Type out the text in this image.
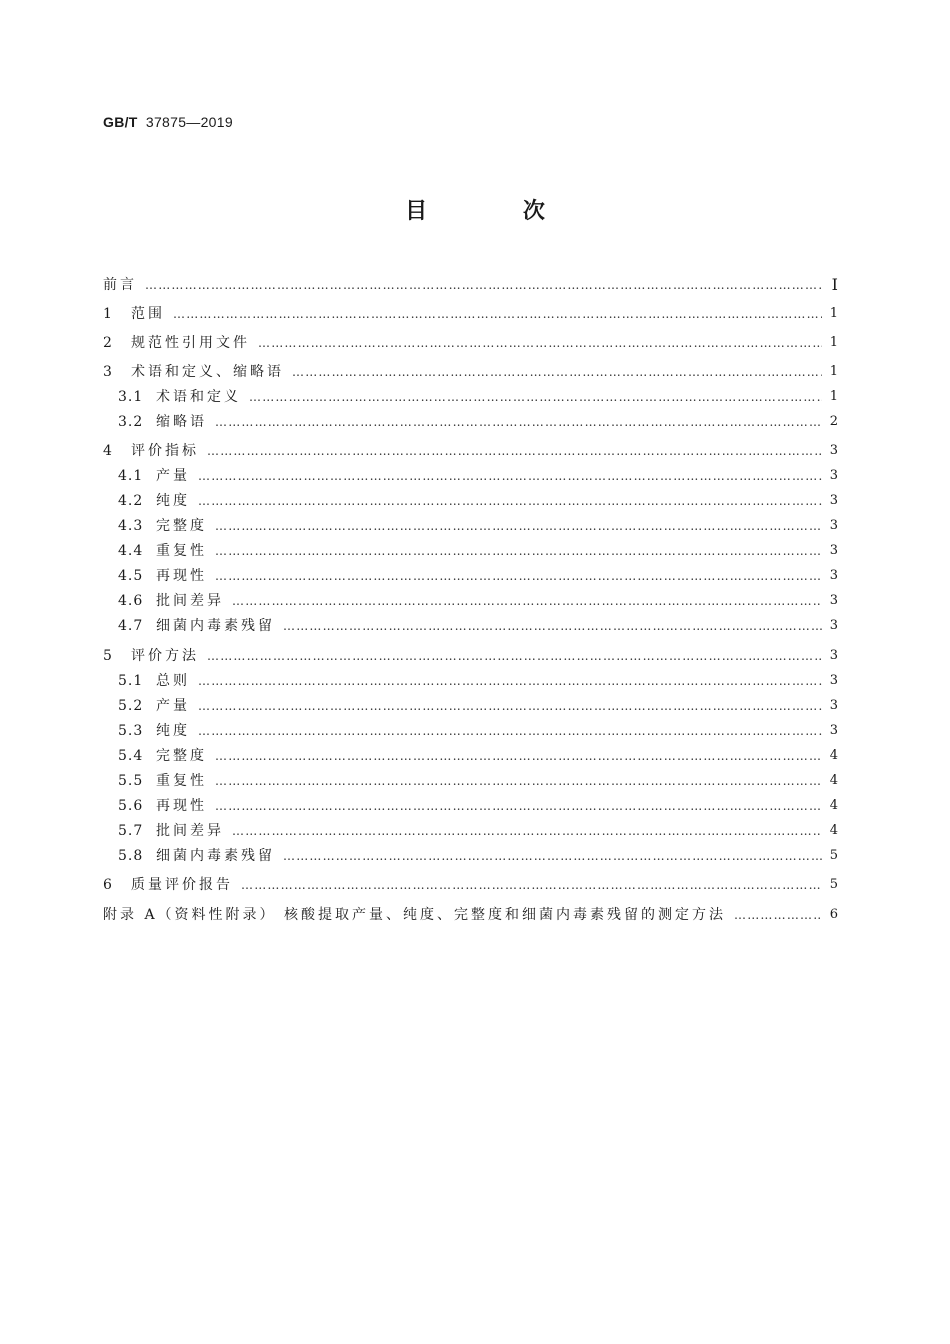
GB/T 37875—2019
目 次
前言 ………………………………………………………………………………………………………………………………………………………………………………………………………………………………	Ⅰ
1	范围 ………………………………………………………………………………………………………………………………………………………………………………………………………………………………	1
2	规范性引用文件 ………………………………………………………………………………………………………………………………………………………………………………………………………………………………	1
3	术语和定义、缩略语 ………………………………………………………………………………………………………………………………………………………………………………………………………………………………	1
3.1 术语和定义 ………………………………………………………………………………………………………………………………………………………………………………………………………………………………	1
3.2 缩略语 ………………………………………………………………………………………………………………………………………………………………………………………………………………………………	2
4	评价指标 ………………………………………………………………………………………………………………………………………………………………………………………………………………………………	3
4.1 产量 ………………………………………………………………………………………………………………………………………………………………………………………………………………………………	3
4.2 纯度 ………………………………………………………………………………………………………………………………………………………………………………………………………………………………	3
4.3 完整度 ………………………………………………………………………………………………………………………………………………………………………………………………………………………………	3
4.4 重复性 ………………………………………………………………………………………………………………………………………………………………………………………………………………………………	3
4.5 再现性 ………………………………………………………………………………………………………………………………………………………………………………………………………………………………	3
4.6 批间差异 ………………………………………………………………………………………………………………………………………………………………………………………………………………………………	3
4.7 细菌内毒素残留 ………………………………………………………………………………………………………………………………………………………………………………………………………………………………	3
5	评价方法 ………………………………………………………………………………………………………………………………………………………………………………………………………………………………	3
5.1 总则 ………………………………………………………………………………………………………………………………………………………………………………………………………………………………	3
5.2 产量 ………………………………………………………………………………………………………………………………………………………………………………………………………………………………	3
5.3 纯度 ………………………………………………………………………………………………………………………………………………………………………………………………………………………………	3
5.4 完整度 ………………………………………………………………………………………………………………………………………………………………………………………………………………………………	4
5.5 重复性 ………………………………………………………………………………………………………………………………………………………………………………………………………………………………	4
5.6 再现性 ………………………………………………………………………………………………………………………………………………………………………………………………………………………………	4
5.7 批间差异 ………………………………………………………………………………………………………………………………………………………………………………………………………………………………	4
5.8 细菌内毒素残留 ………………………………………………………………………………………………………………………………………………………………………………………………………………………………	5
6	质量评价报告 ………………………………………………………………………………………………………………………………………………………………………………………………………………………………	5
附录 A（资料性附录） 核酸提取产量、纯度、完整度和细菌内毒素残留的测定方法 ………………………………………………………………………………………………………………………………………………………………………………………………………………………………	6
